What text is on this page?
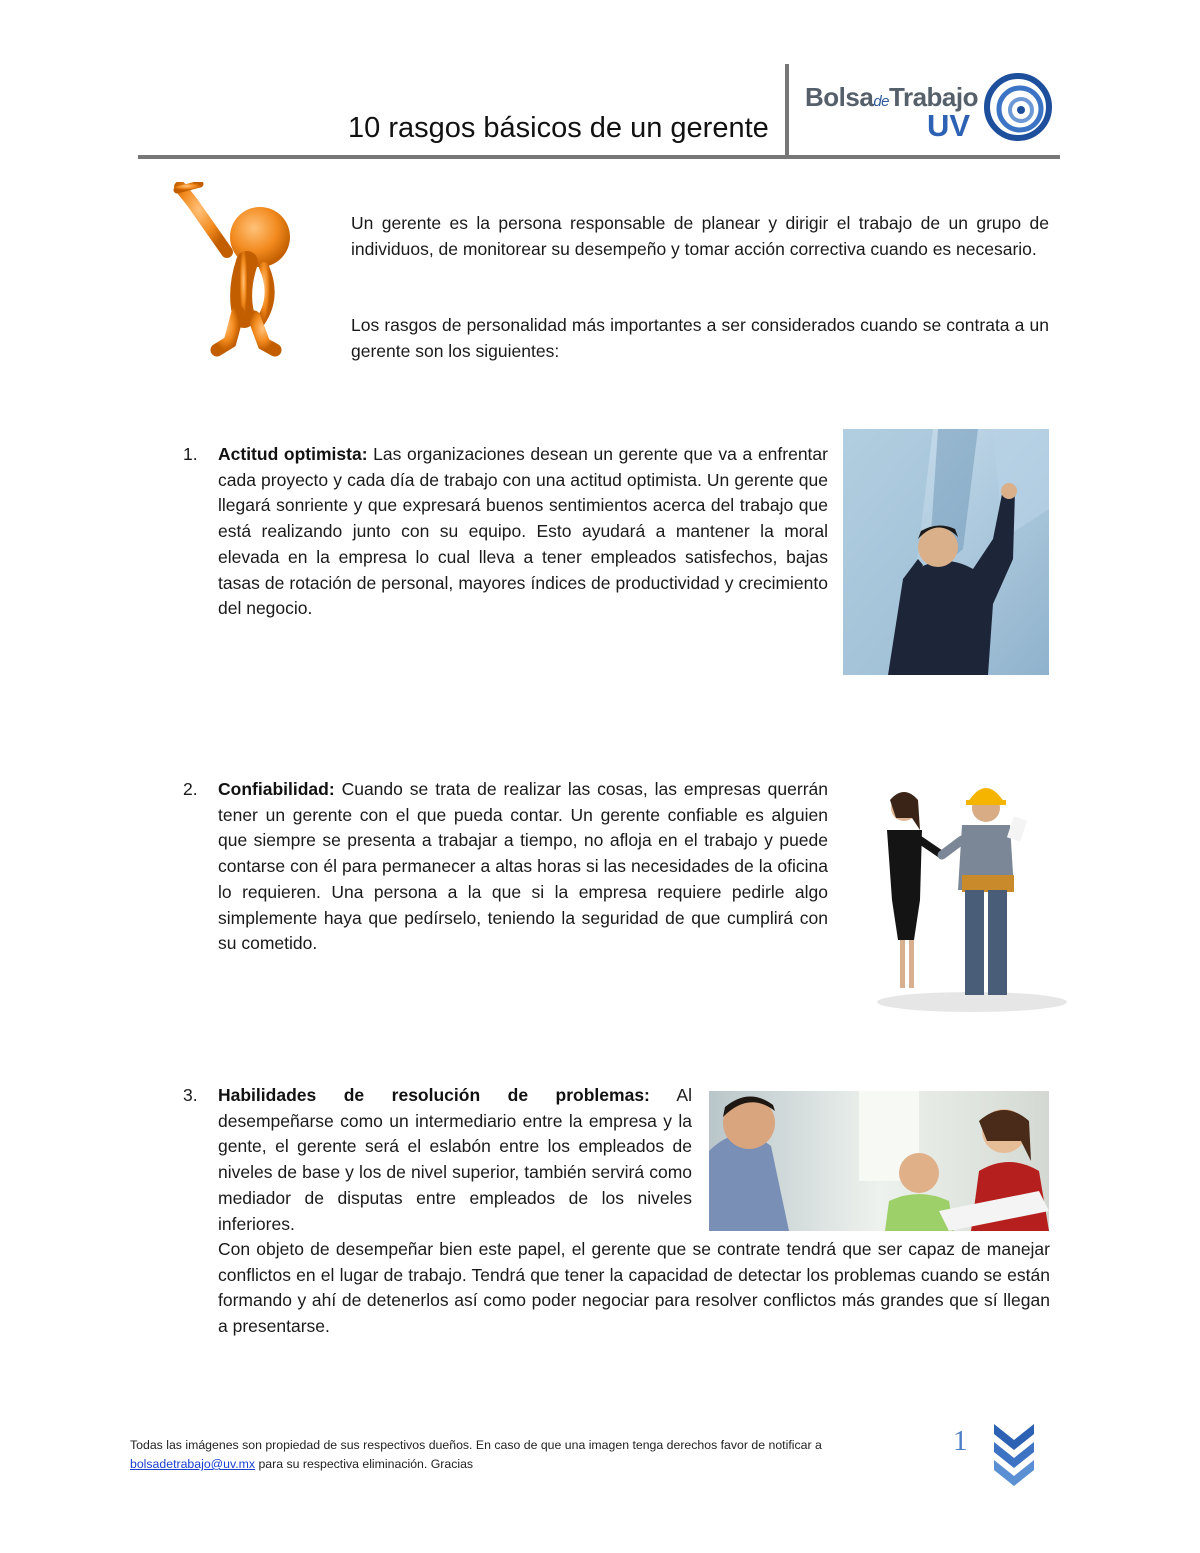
10 rasgos básicos de un gerente
BolsadeTrabajo
UV
Un gerente es la persona responsable de planear y dirigir el trabajo de un grupo de individuos, de monitorear su desempeño y tomar acción correctiva cuando es necesario.
Los rasgos de personalidad más importantes a ser considerados cuando se contrata a un gerente son los siguientes:
1. Actitud optimista: Las organizaciones desean un gerente que va a enfrentar cada proyecto y cada día de trabajo con una actitud optimista. Un gerente que llegará sonriente y que expresará buenos sentimientos acerca del trabajo que está realizando junto con su equipo. Esto ayudará a mantener la moral elevada en la empresa lo cual lleva a tener empleados satisfechos, bajas tasas de rotación de personal, mayores índices de productividad y crecimiento del negocio.
2. Confiabilidad: Cuando se trata de realizar las cosas, las empresas querrán tener un gerente con el que pueda contar. Un gerente confiable es alguien que siempre se presenta a trabajar a tiempo, no afloja en el trabajo y puede contarse con él para permanecer a altas horas si las necesidades de la oficina lo requieren. Una persona a la que si la empresa requiere pedirle algo simplemente haya que pedírselo, teniendo la seguridad de que cumplirá con su cometido.
3. Habilidades de resolución de problemas: Al desempeñarse como un intermediario entre la empresa y la gente, el gerente será el eslabón entre los empleados de niveles de base y los de nivel superior, también servirá como mediador de disputas entre empleados de los niveles inferiores.
Con objeto de desempeñar bien este papel, el gerente que se contrate tendrá que ser capaz de manejar conflictos en el lugar de trabajo. Tendrá que tener la capacidad de detectar los problemas cuando se están formando y ahí de detenerlos así como poder negociar para resolver conflictos más grandes que sí llegan a presentarse.
Todas las imágenes son propiedad de sus respectivos dueños. En caso de que una imagen tenga derechos favor de notificar a
bolsadetrabajo@uv.mx para su respectiva eliminación. Gracias
1
